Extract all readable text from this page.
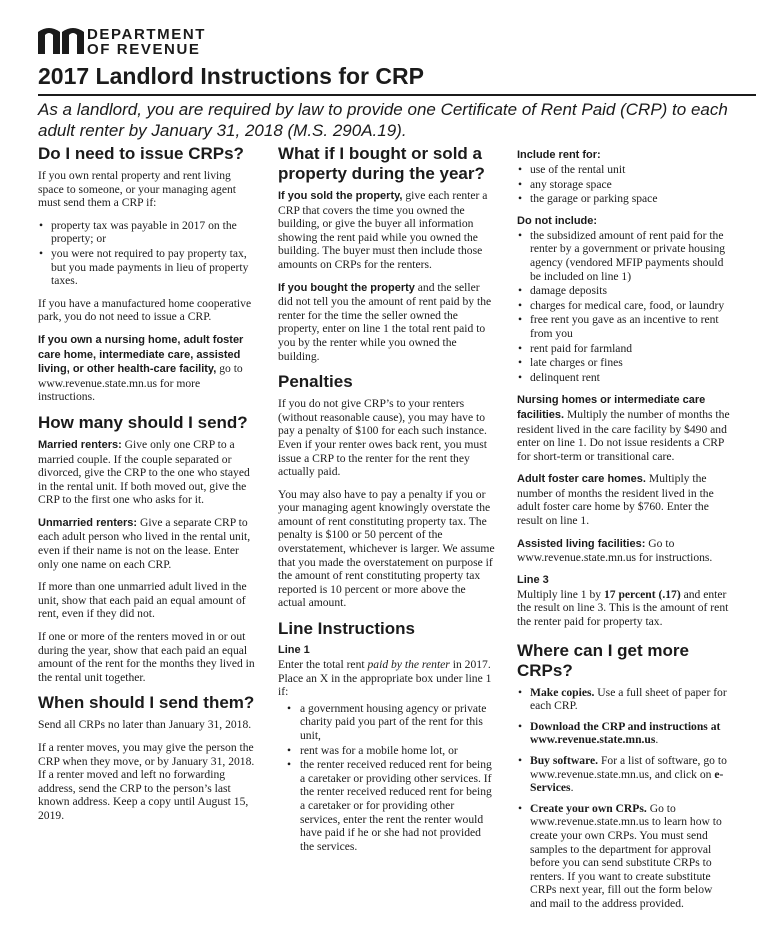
DEPARTMENT
OF REVENUE
2017 Landlord Instructions for CRP

As a landlord, you are required by law to provide one Certificate of Rent Paid (CRP) to each adult renter by January 31, 2018 (M.S. 290A.19).

Do I need to issue CRPs?

If you own rental property and rent living space to someone, or your managing agent must send them a CRP if:

• property tax was payable in 2017 on the property; or
• you were not required to pay property tax, but you made payments in lieu of property taxes.

If you have a manufactured home cooperative park, you do not need to issue a CRP.

If you own a nursing home, adult foster care home, intermediate care, assisted living, or other health-care facility, go to www.revenue.state.mn.us for more instructions.

How many should I send?

Married renters: Give only one CRP to a married couple. If the couple separated or divorced, give the CRP to the one who stayed in the rental unit. If both moved out, give the CRP to the first one who asks for it.

Unmarried renters: Give a separate CRP to each adult person who lived in the rental unit, even if their name is not on the lease. Enter only one name on each CRP.

If more than one unmarried adult lived in the unit, show that each paid an equal amount of rent, even if they did not.

If one or more of the renters moved in or out during the year, show that each paid an equal amount of the rent for the months they lived in the rental unit together.

When should I send them?

Send all CRPs no later than January 31, 2018.

If a renter moves, you may give the person the CRP when they move, or by January 31, 2018. If a renter moved and left no forwarding address, send the CRP to the person’s last known address. Keep a copy until August 15, 2019.

What if I bought or sold a property during the year?

If you sold the property, give each renter a CRP that covers the time you owned the building, or give the buyer all information showing the rent paid while you owned the building. The buyer must then include those amounts on CRPs for the renters.

If you bought the property and the seller did not tell you the amount of rent paid by the renter for the time the seller owned the property, enter on line 1 the total rent paid to you by the renter while you owned the building.

Penalties

If you do not give CRP’s to your renters (without reasonable cause), you may have to pay a penalty of $100 for each such instance. Even if your renter owes back rent, you must issue a CRP to the renter for the rent they actually paid.

You may also have to pay a penalty if you or your managing agent knowingly overstate the amount of rent constituting property tax. The penalty is $100 or 50 percent of the overstatement, whichever is larger. We assume that you made the overstatement on purpose if the amount of rent constituting property tax reported is 10 percent or more above the actual amount.

Line Instructions
Line 1

Enter the total rent paid by the renter in 2017. Place an X in the appropriate box under line 1 if:

• a government housing agency or private charity paid you part of the rent for this unit,
• rent was for a mobile home lot, or
• the renter received reduced rent for being a caretaker or providing other services. If the renter received reduced rent for being a caretaker or for providing other services, enter the rent the renter would have paid if he or she had not provided the services.
Include rent for:
• use of the rental unit
• any storage space
• the garage or parking space
Do not include:
• the subsidized amount of rent paid for the renter by a government or private housing agency (vendored MFIP payments should be included on line 1)
• damage deposits
• charges for medical care, food, or laundry
• free rent you gave as an incentive to rent from you
• rent paid for farmland
• late charges or fines
• delinquent rent

Nursing homes or intermediate care facilities. Multiply the number of months the resident lived in the care facility by $490 and enter on line 1. Do not issue residents a CRP for short-term or transitional care.

Adult foster care homes. Multiply the number of months the resident lived in the adult foster care home by $760. Enter the result on line 1.

Assisted living facilities: Go to www.revenue.state.mn.us for instructions.

Line 3

Multiply line 1 by 17 percent (.17) and enter the result on line 3. This is the amount of rent the renter paid for property tax.

Where can I get more CRPs?
• Make copies. Use a full sheet of paper for each CRP.
• Download the CRP and instructions at www.revenue.state.mn.us.
• Buy software. For a list of software, go to www.revenue.state.mn.us, and click on e-Services.
• Create your own CRPs. Go to www.revenue.state.mn.us to learn how to create your own CRPs. You must send samples to the department for approval before you can send substitute CRPs to renters. If you want to create substitute CRPs next year, fill out the form below and mail to the address provided.
